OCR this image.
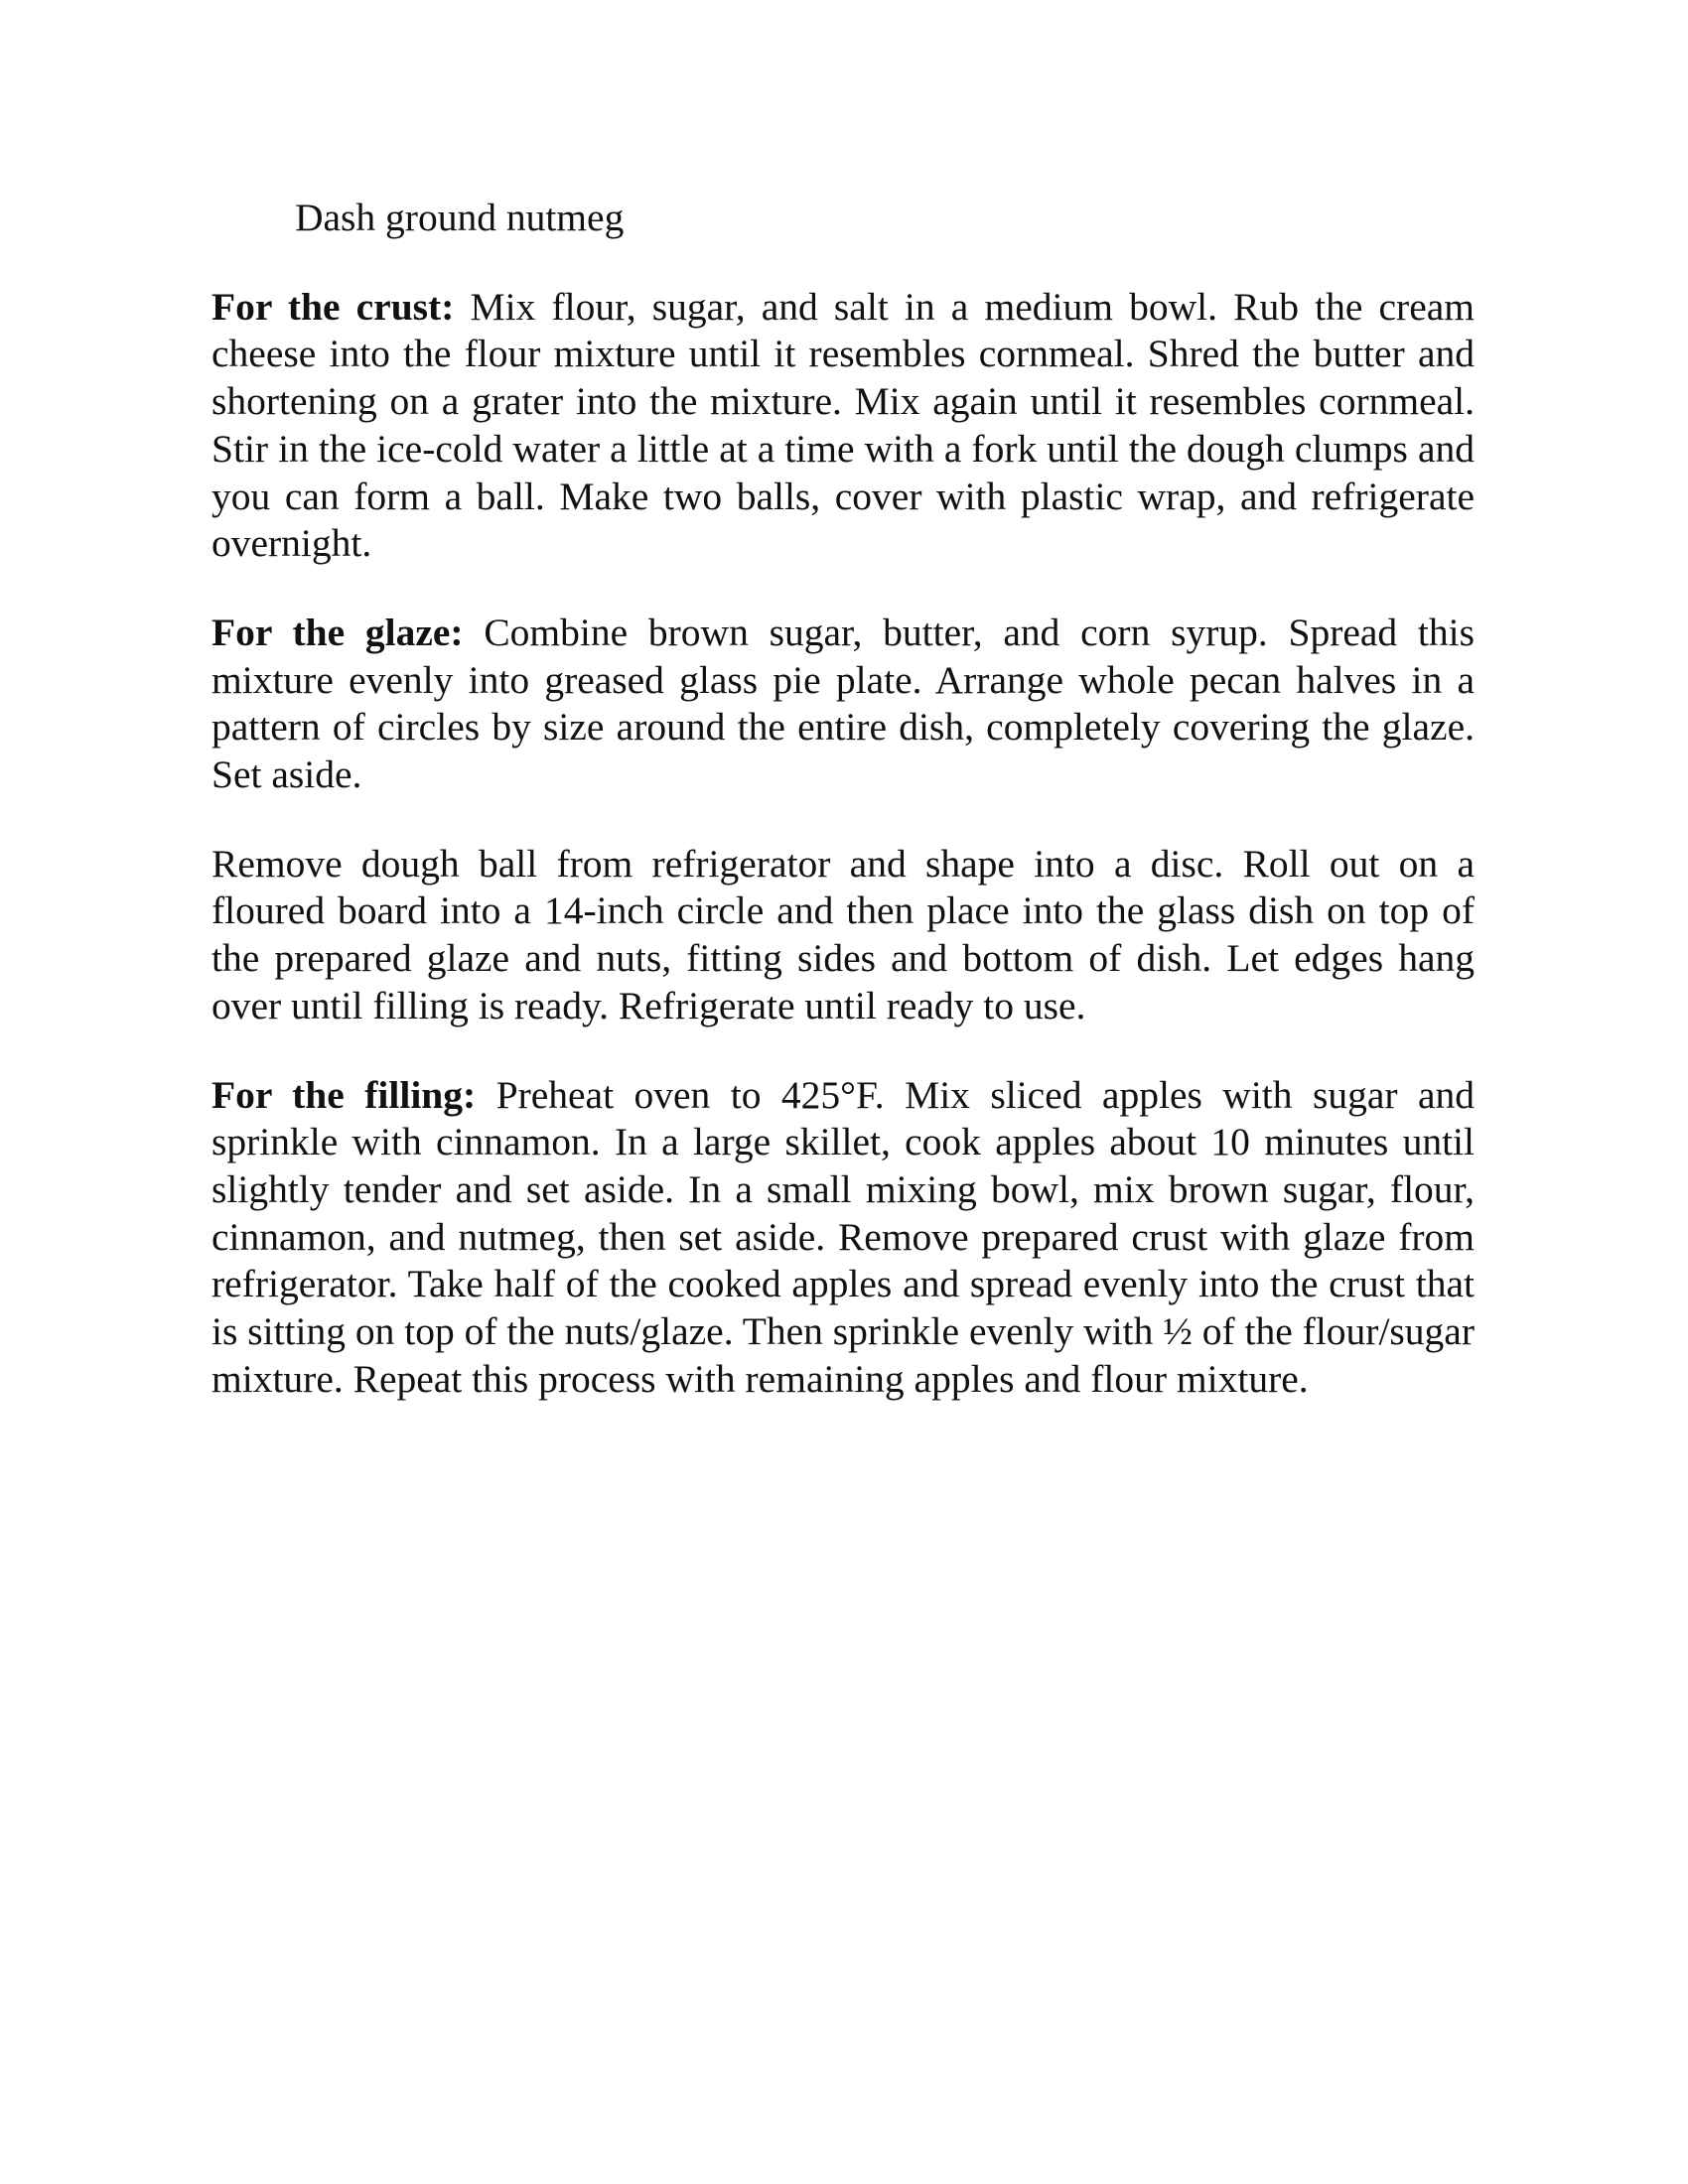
Dash ground nutmeg

For the crust: Mix flour, sugar, and salt in a medium bowl. Rub the cream cheese into the flour mixture until it resembles cornmeal. Shred the butter and shortening on a grater into the mixture. Mix again until it resembles cornmeal. Stir in the ice-cold water a little at a time with a fork until the dough clumps and you can form a ball. Make two balls, cover with plastic wrap, and refrigerate overnight.

For the glaze: Combine brown sugar, butter, and corn syrup. Spread this mixture evenly into greased glass pie plate. Arrange whole pecan halves in a pattern of circles by size around the entire dish, completely covering the glaze. Set aside.

Remove dough ball from refrigerator and shape into a disc. Roll out on a floured board into a 14-inch circle and then place into the glass dish on top of the prepared glaze and nuts, fitting sides and bottom of dish. Let edges hang over until filling is ready. Refrigerate until ready to use.

For the filling: Preheat oven to 425°F. Mix sliced apples with sugar and sprinkle with cinnamon. In a large skillet, cook apples about 10 minutes until slightly tender and set aside. In a small mixing bowl, mix brown sugar, flour, cinnamon, and nutmeg, then set aside. Remove prepared crust with glaze from refrigerator. Take half of the cooked apples and spread evenly into the crust that is sitting on top of the nuts/glaze. Then sprinkle evenly with ½ of the flour/sugar mixture. Repeat this process with remaining apples and flour mixture.
